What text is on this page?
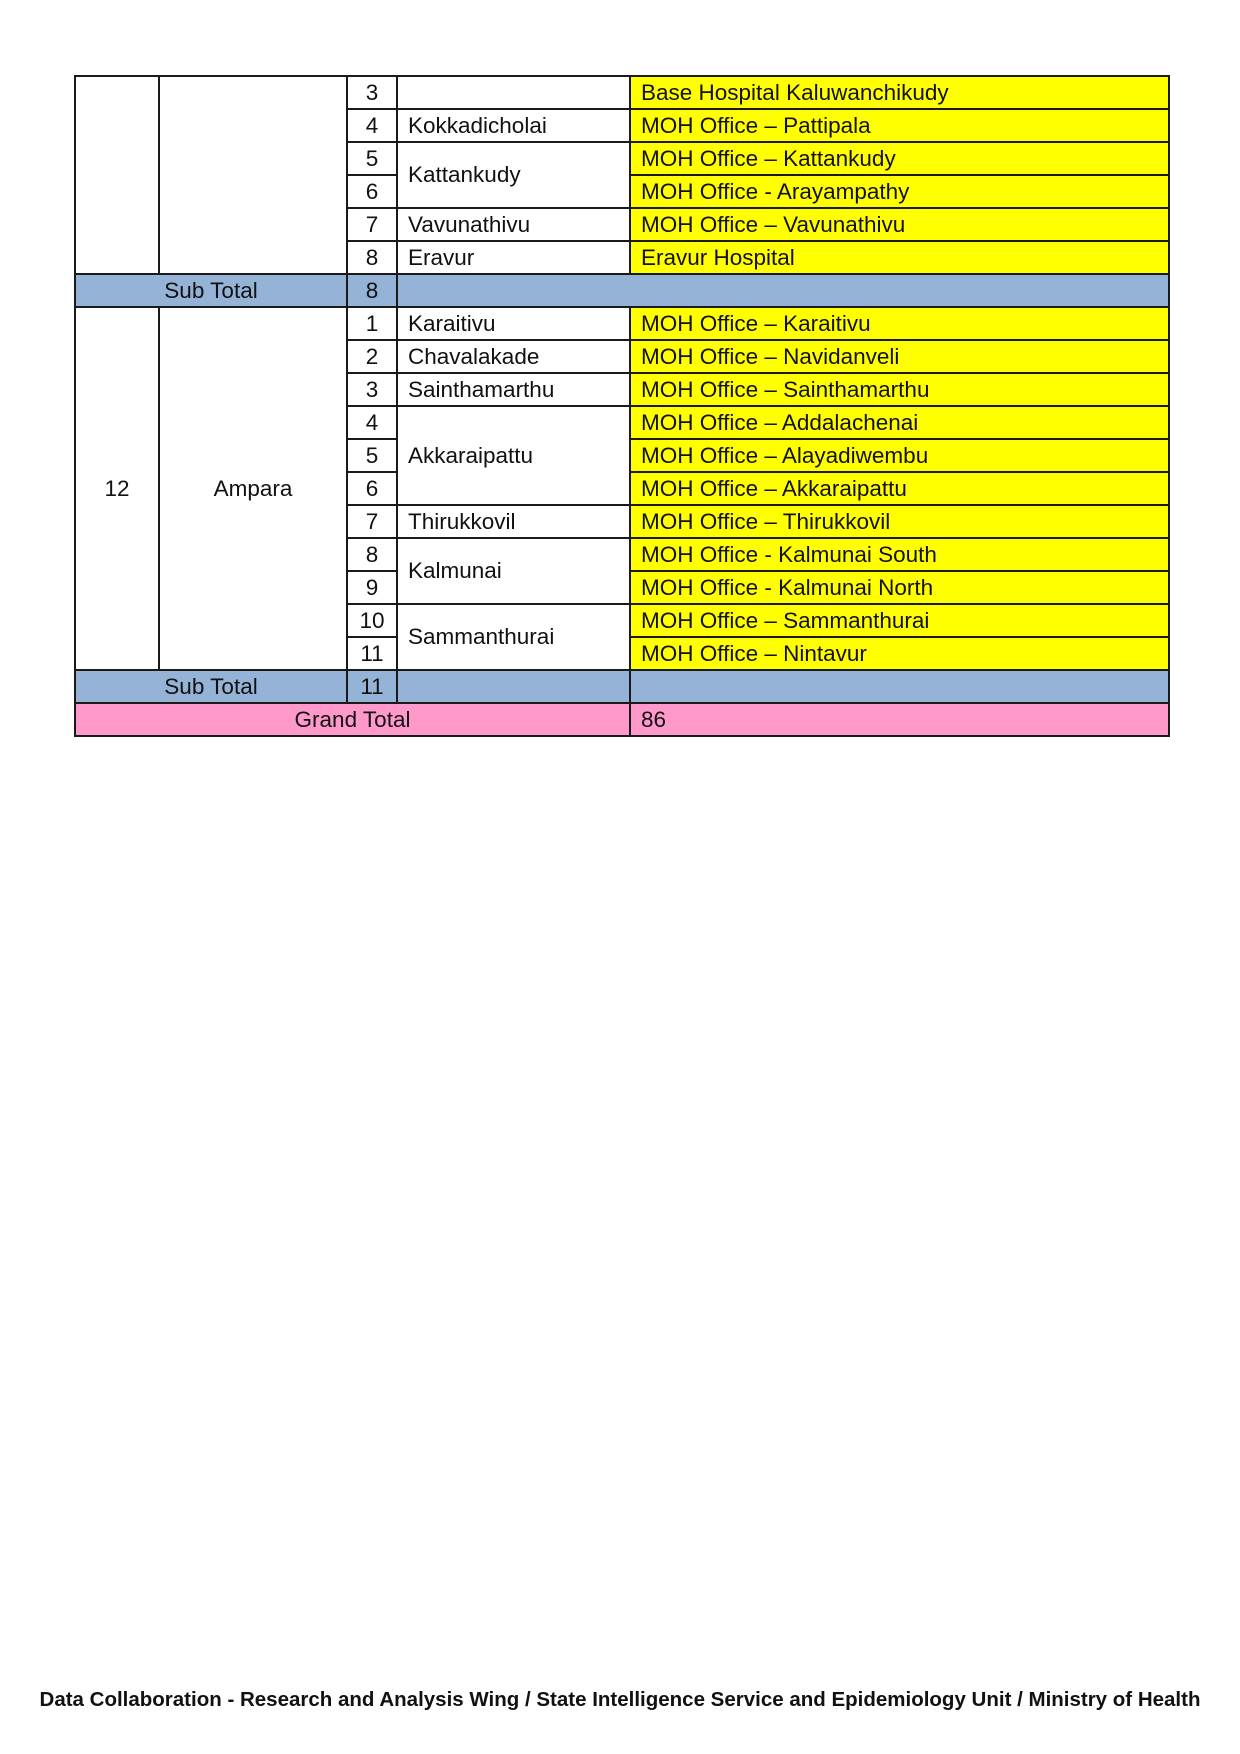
		3		Base Hospital Kaluwanchikudy
		4	Kokkadicholai	MOH Office – Pattipala
		5	Kattankudy	MOH Office – Kattankudy
		6		MOH Office - Arayampathy
		7	Vavunathivu	MOH Office – Vavunathivu
		8	Eravur	Eravur Hospital
Sub Total		8		
12	Ampara	1	Karaitivu	MOH Office – Karaitivu
		2	Chavalakade	MOH Office – Navidanveli
		3	Sainthamarthu	MOH Office – Sainthamarthu
		4	Akkaraipattu	MOH Office – Addalachenai
		5		MOH Office – Alayadiwembu
		6		MOH Office – Akkaraipattu
		7	Thirukkovil	MOH Office – Thirukkovil
		8	Kalmunai	MOH Office - Kalmunai South
		9		MOH Office - Kalmunai North
		10	Sammanthurai	MOH Office – Sammanthurai
		11		MOH Office – Nintavur
Sub Total		11		
Grand Total				86
Data Collaboration - Research and Analysis Wing / State Intelligence Service and Epidemiology Unit / Ministry of Health
